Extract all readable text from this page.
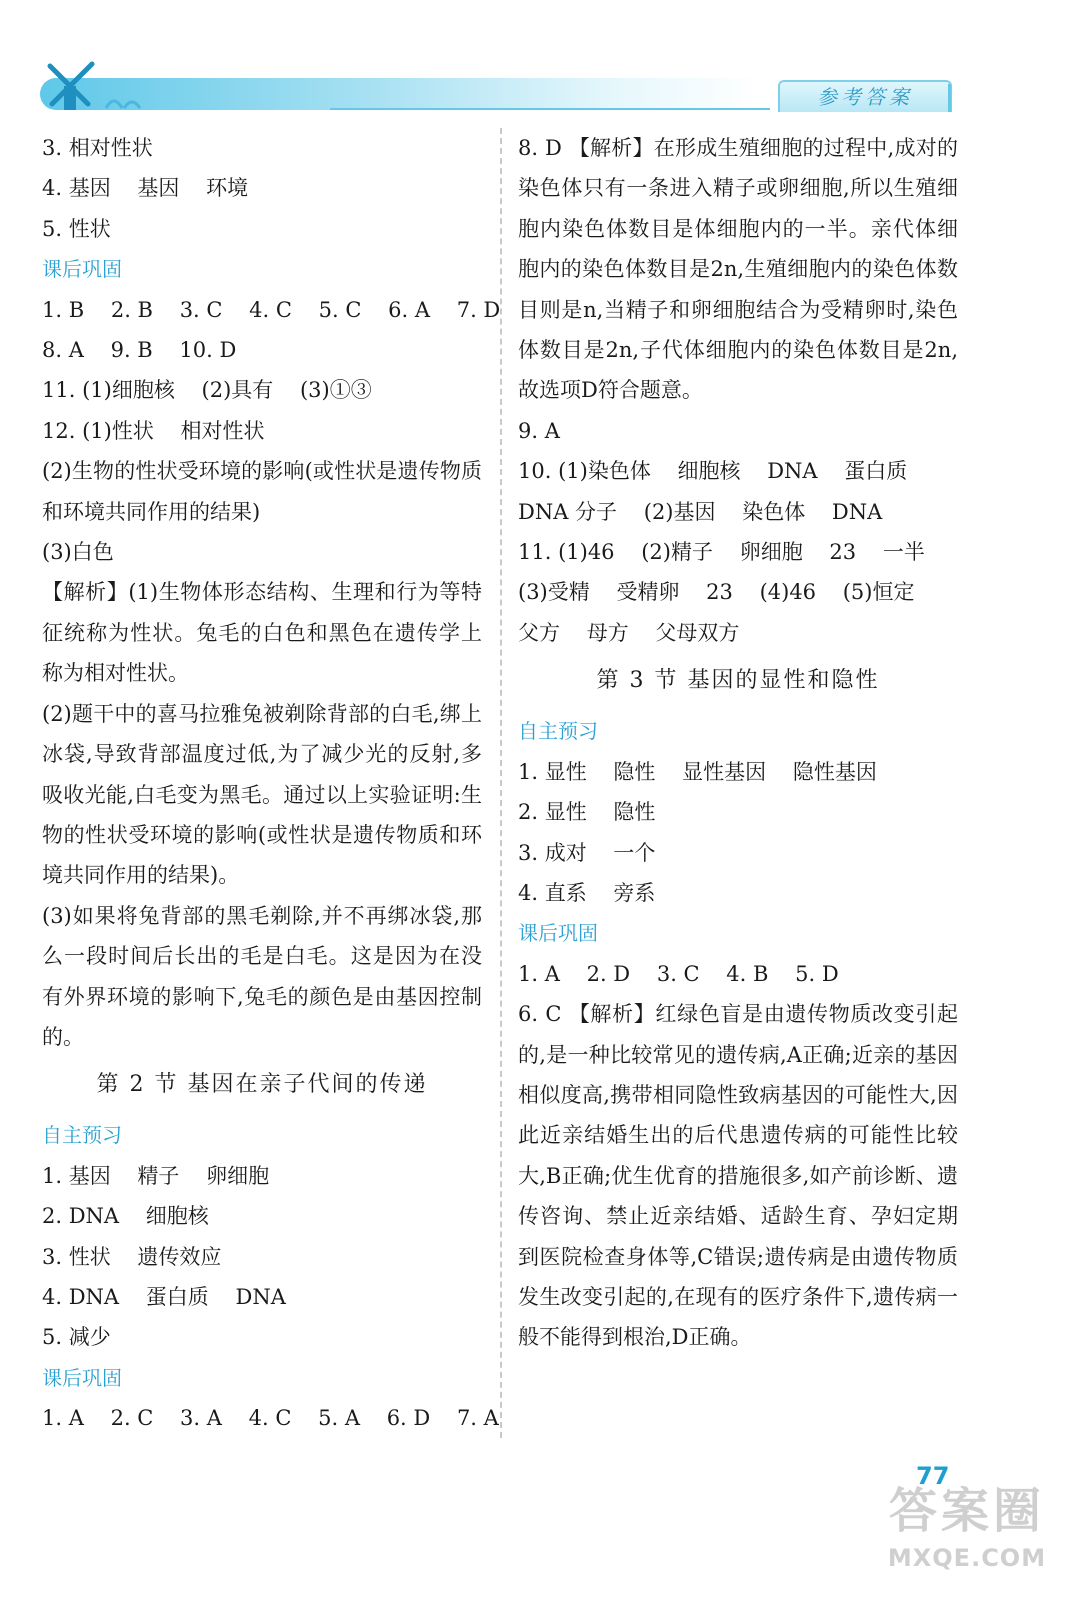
参考答案

3. 相对性状

4. 基因    基因    环境

5. 性状

课后巩固

1. B    2. B    3. C    4. C    5. C    6. A    7. D

8. A    9. B    10. D

11. (1)细胞核    (2)具有    (3)①③

12. (1)性状    相对性状

(2)生物的性状受环境的影响(或性状是遗传物质和环境共同作用的结果)

(3)白色

【解析】(1)生物体形态结构、生理和行为等特征统称为性状。兔毛的白色和黑色在遗传学上称为相对性状。

(2)题干中的喜马拉雅兔被剃除背部的白毛,绑上冰袋,导致背部温度过低,为了减少光的反射,多吸收光能,白毛变为黑毛。通过以上实验证明:生物的性状受环境的影响(或性状是遗传物质和环境共同作用的结果)。

(3)如果将兔背部的黑毛剃除,并不再绑冰袋,那么一段时间后长出的毛是白毛。这是因为在没有外界环境的影响下,兔毛的颜色是由基因控制的。

第 2 节 基因在亲子代间的传递
自主预习

1. 基因    精子    卵细胞

2. DNA    细胞核

3. 性状    遗传效应

4. DNA    蛋白质    DNA

5. 减少

课后巩固

1. A    2. C    3. A    4. C    5. A    6. D    7. A

8. D 【解析】在形成生殖细胞的过程中,成对的染色体只有一条进入精子或卵细胞,所以生殖细胞内染色体数目是体细胞内的一半。亲代体细胞内的染色体数目是2n,生殖细胞内的染色体数目则是n,当精子和卵细胞结合为受精卵时,染色体数目是2n,子代体细胞内的染色体数目是2n,故选项D符合题意。

9. A

10. (1)染色体    细胞核    DNA    蛋白质

DNA 分子    (2)基因    染色体    DNA

11. (1)46    (2)精子    卵细胞    23    一半

(3)受精    受精卵    23    (4)46    (5)恒定

父方    母方    父母双方

第 3 节 基因的显性和隐性
自主预习

1. 显性    隐性    显性基因    隐性基因

2. 显性    隐性

3. 成对    一个

4. 直系    旁系

课后巩固

1. A    2. D    3. C    4. B    5. D

6. C 【解析】红绿色盲是由遗传物质改变引起的,是一种比较常见的遗传病,A正确;近亲的基因相似度高,携带相同隐性致病基因的可能性大,因此近亲结婚生出的后代患遗传病的可能性比较大,B正确;优生优育的措施很多,如产前诊断、遗传咨询、禁止近亲结婚、适龄生育、孕妇定期到医院检查身体等,C错误;遗传病是由遗传物质发生改变引起的,在现有的医疗条件下,遗传病一般不能得到根治,D正确。

77
答案圈
MXQE.COM
